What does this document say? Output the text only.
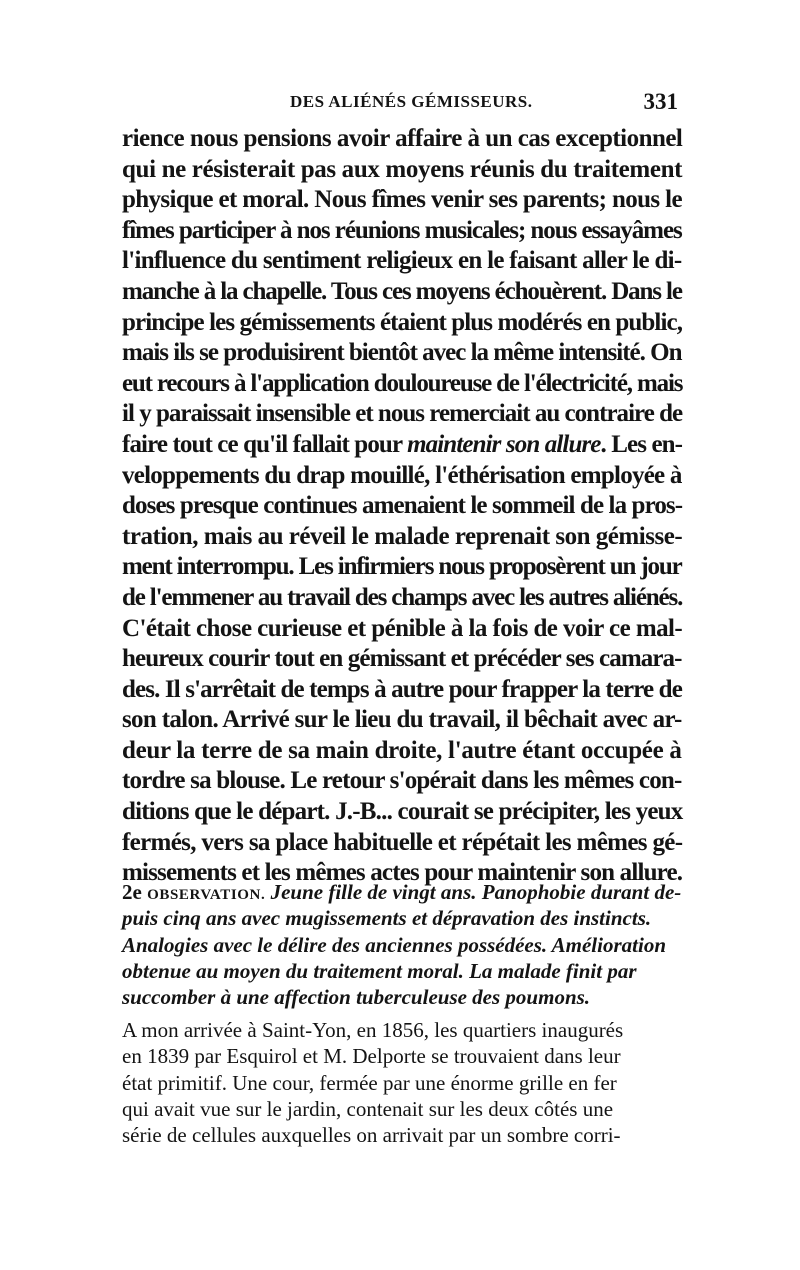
DES ALIÉNÉS GÉMISSEURS.	331
rience nous pensions avoir affaire à un cas exceptionnel
qui ne résisterait pas aux moyens réunis du traitement
physique et moral. Nous fîmes venir ses parents; nous le
fîmes participer à nos réunions musicales; nous essayâmes
l'influence du sentiment religieux en le faisant aller le di-
manche à la chapelle. Tous ces moyens échouèrent. Dans le
principe les gémissements étaient plus modérés en public,
mais ils se produisirent bientôt avec la même intensité. On
eut recours à l'application douloureuse de l'électricité, mais
il y paraissait insensible et nous remerciait au contraire de
faire tout ce qu'il fallait pour maintenir son allure. Les en-
veloppements du drap mouillé, l'éthérisation employée à
doses presque continues amenaient le sommeil de la pros-
tration, mais au réveil le malade reprenait son gémisse-
ment interrompu. Les infirmiers nous proposèrent un jour
de l'emmener au travail des champs avec les autres aliénés.
C'était chose curieuse et pénible à la fois de voir ce mal-
heureux courir tout en gémissant et précéder ses camara-
des. Il s'arrêtait de temps à autre pour frapper la terre de
son talon. Arrivé sur le lieu du travail, il bêchait avec ar-
deur la terre de sa main droite, l'autre étant occupée à
tordre sa blouse. Le retour s'opérait dans les mêmes con-
ditions que le départ. J.-B... courait se précipiter, les yeux
fermés, vers sa place habituelle et répétait les mêmes gé-
missements et les mêmes actes pour maintenir son allure.
2e OBSERVATION. Jeune fille de vingt ans. Panophobie durant de-
puis cinq ans avec mugissements et dépravation des instincts.
Analogies avec le délire des anciennes possédées. Amélioration
obtenue au moyen du traitement moral. La malade finit par
succomber à une affection tuberculeuse des poumons.
A mon arrivée à Saint-Yon, en 1856, les quartiers inaugurés
en 1839 par Esquirol et M. Delporte se trouvaient dans leur
état primitif. Une cour, fermée par une énorme grille en fer
qui avait vue sur le jardin, contenait sur les deux côtés une
série de cellules auxquelles on arrivait par un sombre corri-
